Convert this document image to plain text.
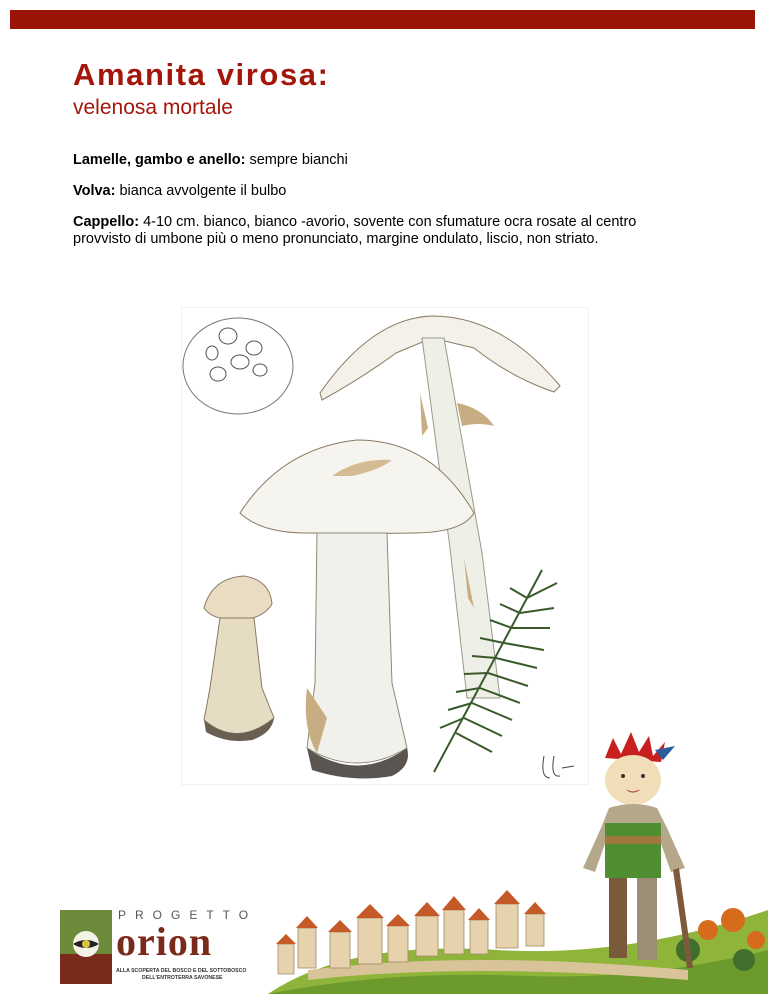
Amanita virosa:
velenosa mortale
Lamelle, gambo e anello: sempre bianchi
Volva: bianca avvolgente il bulbo
Cappello: 4-10 cm. bianco, bianco -avorio, sovente con sfumature ocra rosate al centro
provvisto di umbone più o meno pronunciato, margine ondulato, liscio, non striato.
PROGETTO
orion
ALLA SCOPERTA DEL BOSCO E DEL SOTTOBOSCO
DELL'ENTROTERRA SAVONESE
